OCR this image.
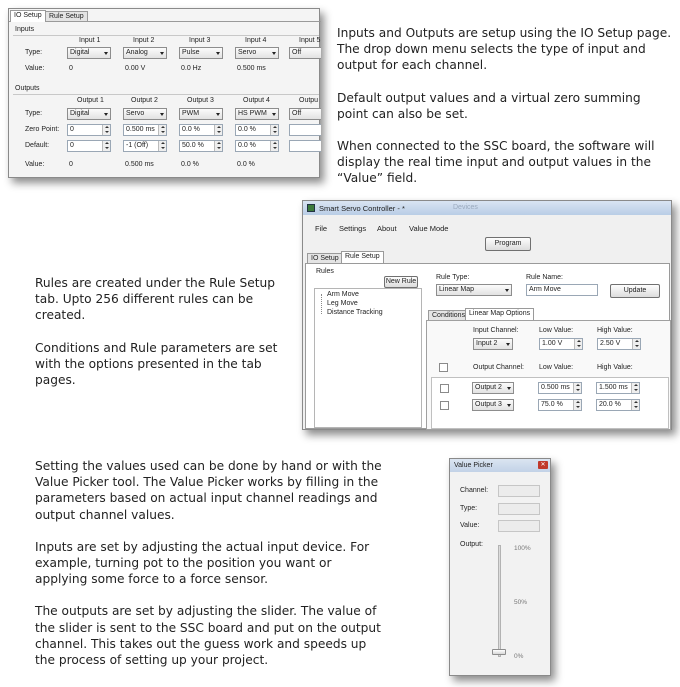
IO Setup	Rule Setup
Inputs
Input 1	Input 2	Input 3	Input 4	Input 5
Type:	Digital	Analog	Pulse	Servo	Off
Value:	0	0.00 V	0.0 Hz	0.500 ms
Outputs
Output 1	Output 2	Output 3	Output 4	Outpu
Type:	Digital	Servo	PWM	HS PWM	Off
Zero Point:	0	0.500 ms	0.0 %	0.0 %
Default:	0	-1 (Off)	50.0 %	0.0 %
Value:	0	0.500 ms	0.0 %	0.0 %

Inputs and Outputs are setup using the IO Setup page. The drop down menu selects the type of input and output for each channel.

Default output values and a virtual zero summing point can also be set.

When connected to the SSC board, the software will display the real time input and output values in the “Value” field.

Smart Servo Controller - *	Devices
File Settings About Value Mode
Program
IO Setup Rule Setup
Rules
New Rule
Arm Move
Leg Move
Distance Tracking
Rule Type:
Linear Map
Rule Name:
Arm Move	Update
Conditions Linear Map Options
Input Channel:	Low Value:	High Value:
Input 2	1.00 V	2.50 V
Output Channel: Low Value:	High Value:
Output 2	0.500 ms	1.500 ms
Output 3	75.0 %	20.0 %

Rules are created under the Rule Setup tab. Upto 256 different rules can be created.

Conditions and Rule parameters are set with the options presented in the tab pages.

Setting the values used can be done by hand or with the Value Picker tool. The Value Picker works by filling in the parameters based on actual input channel readings and output channel values.

Inputs are set by adjusting the actual input device. For example, turning pot to the position you want or applying some force to a force sensor.

The outputs are set by adjusting the slider. The value of the slider is sent to the SSC board and put on the output channel. This takes out the guess work and speeds up the process of setting up your project.

Value Picker	✕
Channel:
Type:
Value:
Output:
100%
50%
0%
